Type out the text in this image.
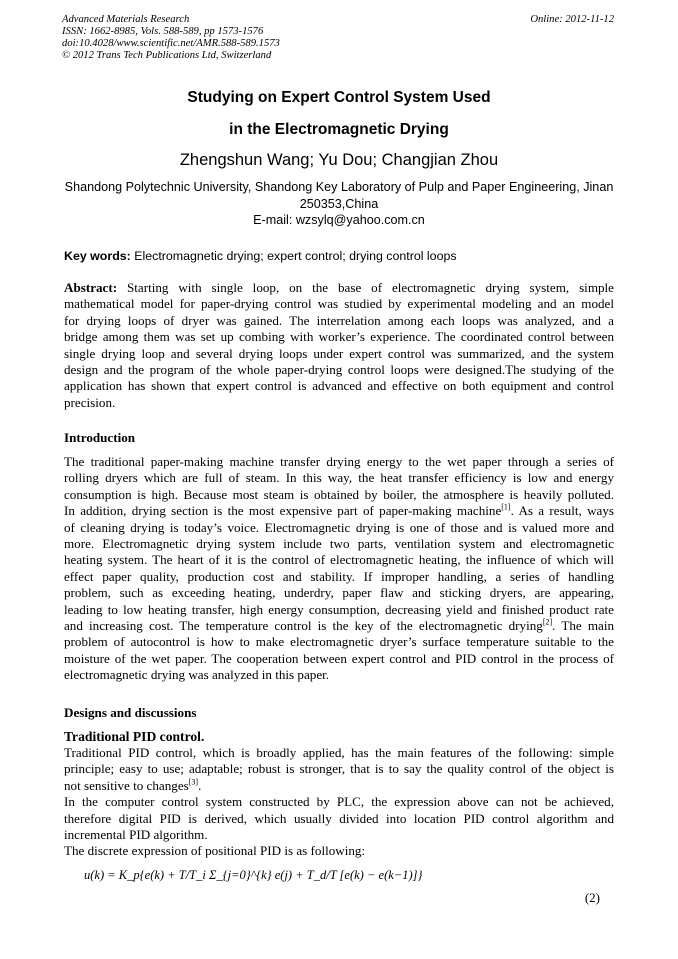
Advanced Materials Research
ISSN: 1662-8985, Vols. 588-589, pp 1573-1576
doi:10.4028/www.scientific.net/AMR.588-589.1573
© 2012 Trans Tech Publications Ltd, Switzerland
Online: 2012-11-12
Studying on Expert Control System Used
in the Electromagnetic Drying
Zhengshun Wang; Yu Dou; Changjian Zhou
Shandong Polytechnic University, Shandong Key Laboratory of Pulp and Paper Engineering, Jinan
250353,China
E-mail: wzsylq@yahoo.com.cn
Key words: Electromagnetic drying; expert control; drying control loops
Abstract: Starting with single loop, on the base of electromagnetic drying system, simple
mathematical model for paper-drying control was studied by experimental modeling and an model
for drying loops of dryer was gained. The interrelation among each loops was analyzed, and a
bridge among them was set up combing with worker’s experience. The coordinated control between
single drying loop and several drying loops under expert control was summarized, and the system
design and the program of the whole paper-drying control loops were designed.The studying of the
application has shown that expert control is advanced and effective on both equipment and control
precision.
Introduction
The traditional paper-making machine transfer drying energy to the wet paper through a series of
rolling dryers which are full of steam. In this way, the heat transfer efficiency is low and energy
consumption is high. Because most steam is obtained by boiler, the atmosphere is heavily polluted.
In addition, drying section is the most expensive part of paper-making machine[1]. As a result, ways
of cleaning drying is today’s voice. Electromagnetic drying is one of those and is valued more and
more. Electromagnetic drying system include two parts, ventilation system and electromagnetic
heating system. The heart of it is the control of electromagnetic heating, the influence of which will
effect paper quality, production cost and stability. If improper handling, a series of handling
problem, such as exceeding heating, underdry, paper flaw and sticking dryers, are appearing,
leading to low heating transfer, high energy consumption, decreasing yield and finished product rate
and increasing cost. The temperature control is the key of the electromagnetic drying[2]. The main
problem of autocontrol is how to make electromagnetic dryer’s surface temperature suitable to the
moisture of the wet paper. The cooperation between expert control and PID control in the process of
electromagnetic drying was analyzed in this paper.
Designs and discussions
Traditional PID control.
Traditional PID control, which is broadly applied, has the main features of the following: simple
principle; easy to use; adaptable; robust is stronger, that is to say the quality control of the object is
not sensitive to changes[3].
In the computer control system constructed by PLC, the expression above can not be achieved,
therefore digital PID is derived, which usually divided into location PID control algorithm and
incremental PID algorithm.
The discrete expression of positional PID is as following:
u(k) = K_p{e(k) + T/T_i Σ_{j=0}^{k} e(j) + T_d/T [e(k) − e(k−1)]}
(2)
